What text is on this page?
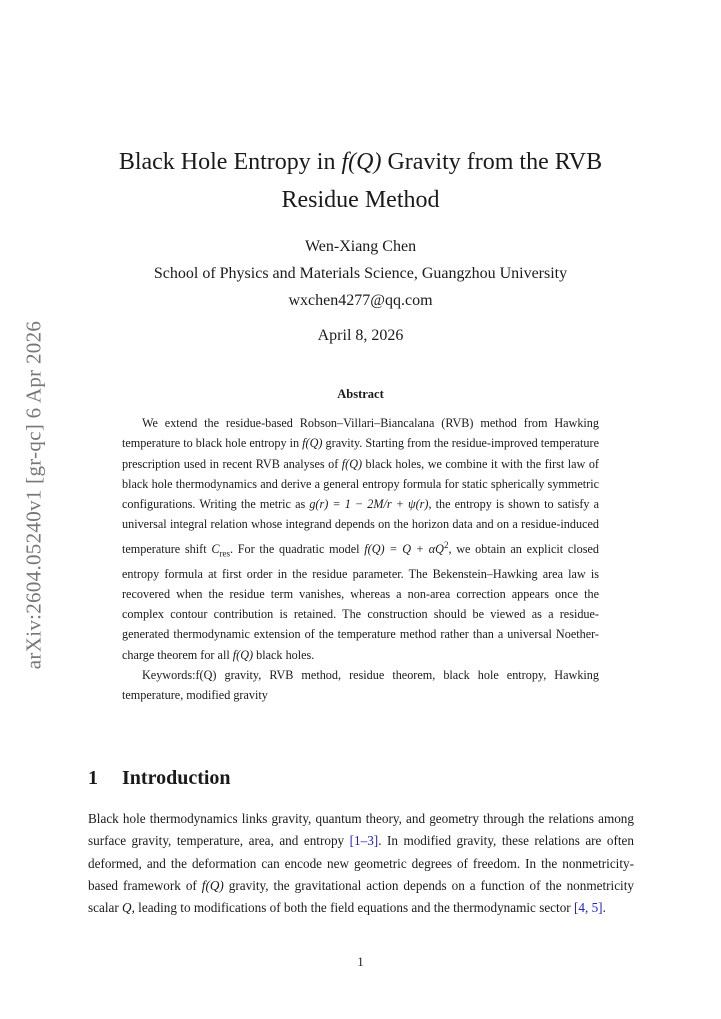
arXiv:2604.05240v1 [gr-qc] 6 Apr 2026
Black Hole Entropy in f(Q) Gravity from the RVB
Residue Method
Wen-Xiang Chen
School of Physics and Materials Science, Guangzhou University
wxchen4277@qq.com
April 8, 2026
Abstract

We extend the residue-based Robson–Villari–Biancalana (RVB) method from Hawking temperature to black hole entropy in f(Q) gravity. Starting from the residue-improved temperature prescription used in recent RVB analyses of f(Q) black holes, we combine it with the first law of black hole thermodynamics and derive a general entropy formula for static spherically symmetric configurations. Writing the metric as g(r) = 1 − 2M/r + ψ(r), the entropy is shown to satisfy a universal integral relation whose integrand depends on the horizon data and on a residue-induced temperature shift $C_{res}$. For the quadratic model $f(Q) = Q + \alpha Q^2$, we obtain an explicit closed entropy formula at first order in the residue parameter. The Bekenstein–Hawking area law is recovered when the residue term vanishes, whereas a non-area correction appears once the complex contour contribution is retained. The construction should be viewed as a residue-generated thermodynamic extension of the temperature method rather than a universal Noether-charge theorem for all f(Q) black holes.

Keywords:f(Q) gravity, RVB method, residue theorem, black hole entropy, Hawking temperature, modified gravity

1 Introduction

Black hole thermodynamics links gravity, quantum theory, and geometry through the relations among surface gravity, temperature, area, and entropy [1–3]. In modified gravity, these relations are often deformed, and the deformation can encode new geometric degrees of freedom. In the nonmetricity-based framework of f(Q) gravity, the gravitational action depends on a function of the nonmetricity scalar Q, leading to modifications of both the field equations and the thermodynamic sector [4, 5].

1
